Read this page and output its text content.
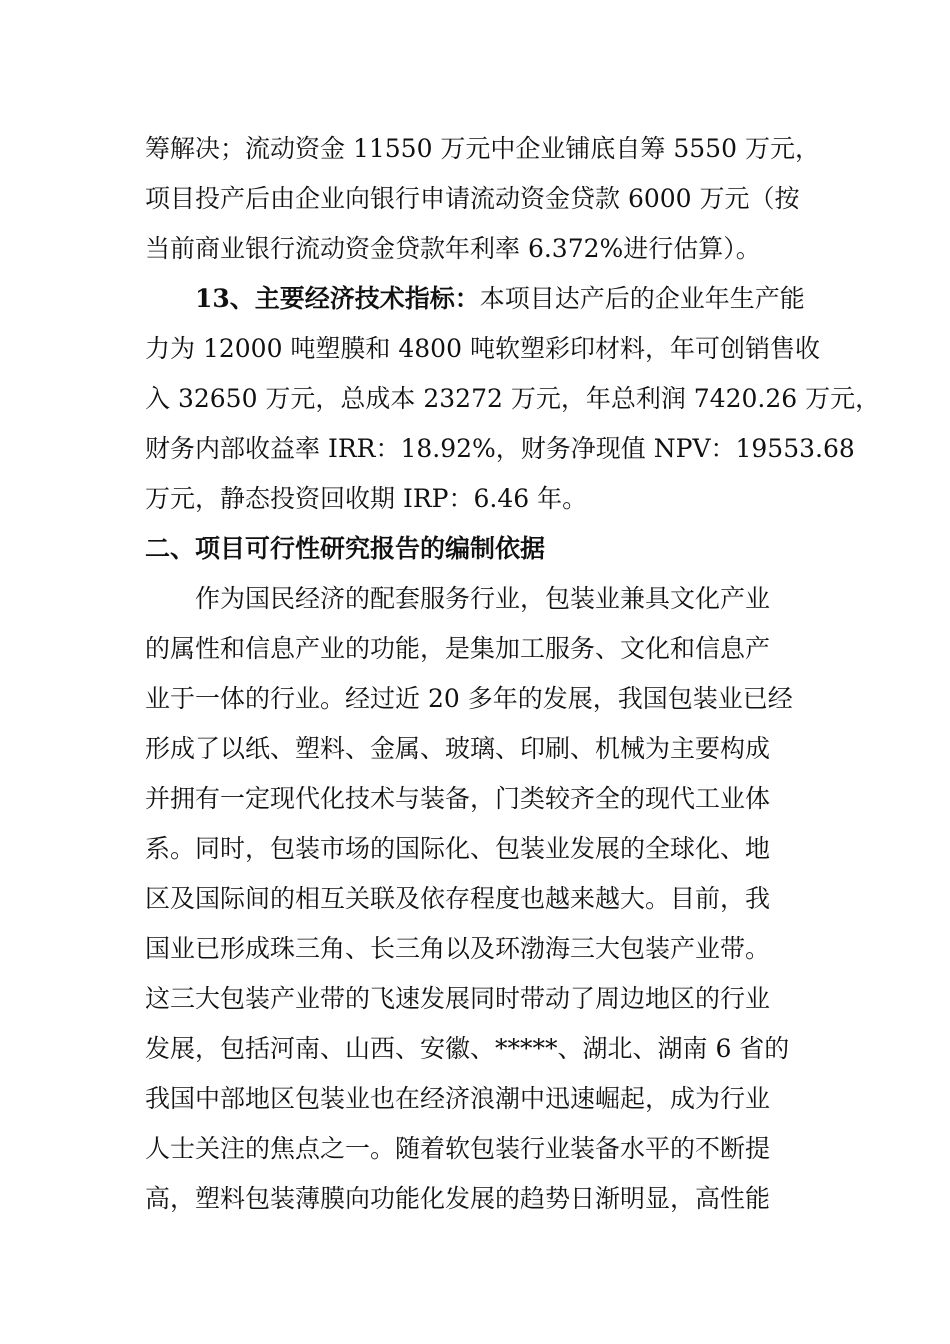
筹解决；流动资金 11550 万元中企业铺底自筹 5550 万元，
项目投产后由企业向银行申请流动资金贷款 6000 万元（按
当前商业银行流动资金贷款年利率 6.372%进行估算）。
13、主要经济技术指标：本项目达产后的企业年生产能
力为 12000 吨塑膜和 4800 吨软塑彩印材料，年可创销售收
入 32650 万元，总成本 23272 万元，年总利润 7420.26 万元，
财务内部收益率 IRR：18.92%，财务净现值 NPV：19553.68
万元，静态投资回收期 IRP：6.46 年。
二、项目可行性研究报告的编制依据
作为国民经济的配套服务行业，包装业兼具文化产业
的属性和信息产业的功能，是集加工服务、文化和信息产
业于一体的行业。经过近 20 多年的发展，我国包装业已经
形成了以纸、塑料、金属、玻璃、印刷、机械为主要构成
并拥有一定现代化技术与装备，门类较齐全的现代工业体
系。同时，包装市场的国际化、包装业发展的全球化、地
区及国际间的相互关联及依存程度也越来越大。目前，我
国业已形成珠三角、长三角以及环渤海三大包装产业带。
这三大包装产业带的飞速发展同时带动了周边地区的行业
发展，包括河南、山西、安徽、*****、湖北、湖南 6 省的
我国中部地区包装业也在经济浪潮中迅速崛起，成为行业
人士关注的焦点之一。随着软包装行业装备水平的不断提
高，塑料包装薄膜向功能化发展的趋势日渐明显，高性能
